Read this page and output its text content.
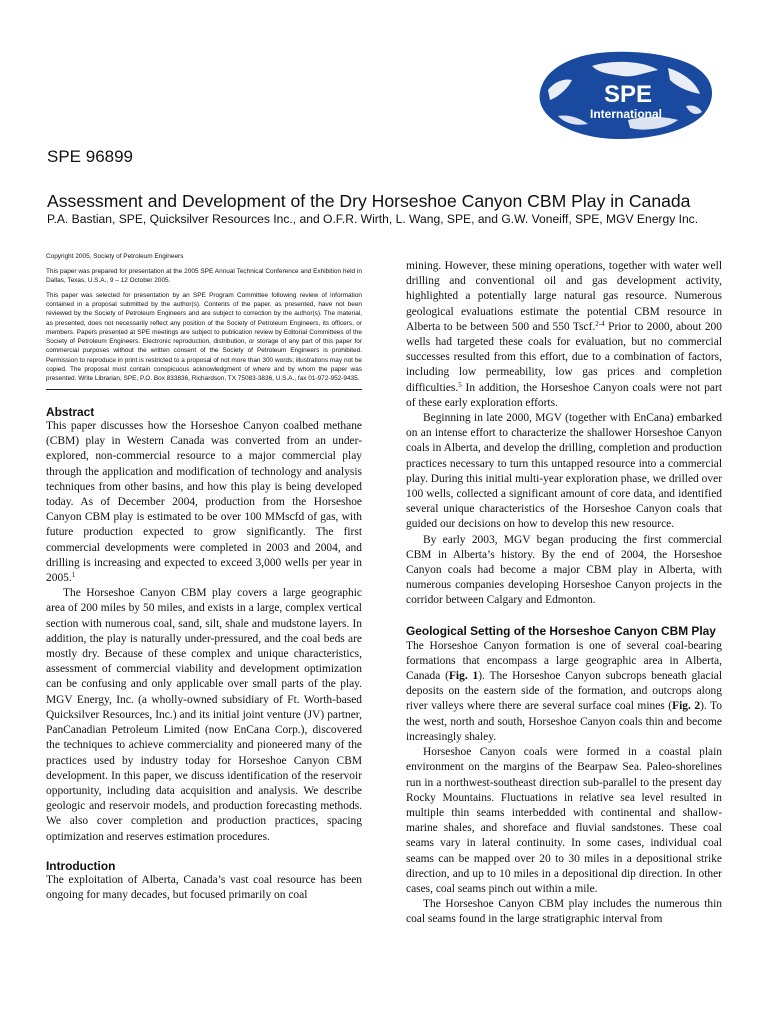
SPE
International
SPE 96899
Assessment and Development of the Dry Horseshoe Canyon CBM Play in Canada
P.A. Bastian, SPE, Quicksilver Resources Inc., and O.F.R. Wirth, L. Wang, SPE, and G.W. Voneiff, SPE, MGV Energy Inc.

Copyright 2005, Society of Petroleum Engineers

This paper was prepared for presentation at the 2005 SPE Annual Technical Conference and Exhibition held in Dallas, Texas, U.S.A., 9 – 12 October 2005.

This paper was selected for presentation by an SPE Program Committee following review of information contained in a proposal submitted by the author(s). Contents of the paper, as presented, have not been reviewed by the Society of Petroleum Engineers and are subject to correction by the author(s). The material, as presented, does not necessarily reflect any position of the Society of Petroleum Engineers, its officers, or members. Papers presented at SPE meetings are subject to publication review by Editorial Committees of the Society of Petroleum Engineers. Electronic reproduction, distribution, or storage of any part of this paper for commercial purposes without the written consent of the Society of Petroleum Engineers is prohibited. Permission to reproduce in print is restricted to a proposal of not more than 300 words; illustrations may not be copied. The proposal must contain conspicuous acknowledgment of where and by whom the paper was presented. Write Librarian, SPE, P.O. Box 833836, Richardson, TX 75083-3836, U.S.A., fax 01-972-952-9435.

Abstract

This paper discusses how the Horseshoe Canyon coalbed methane (CBM) play in Western Canada was converted from an under-explored, non-commercial resource to a major commercial play through the application and modification of technology and analysis techniques from other basins, and how this play is being developed today. As of December 2004, production from the Horseshoe Canyon CBM play is estimated to be over 100 MMscfd of gas, with future production expected to grow significantly. The first commercial developments were completed in 2003 and 2004, and drilling is increasing and expected to exceed 3,000 wells per year in 2005.$^1$

The Horseshoe Canyon CBM play covers a large geographic area of 200 miles by 50 miles, and exists in a large, complex vertical section with numerous coal, sand, silt, shale and mudstone layers. In addition, the play is naturally under-pressured, and the coal beds are mostly dry. Because of these complex and unique characteristics, assessment of commercial viability and development optimization can be confusing and only applicable over small parts of the play. MGV Energy, Inc. (a wholly-owned subsidiary of Ft. Worth-based Quicksilver Resources, Inc.) and its initial joint venture (JV) partner, PanCanadian Petroleum Limited (now EnCana Corp.), discovered the techniques to achieve commerciality and pioneered many of the practices used by industry today for Horseshoe Canyon CBM development. In this paper, we discuss identification of the reservoir opportunity, including data acquisition and analysis. We describe geologic and reservoir models, and production forecasting methods. We also cover completion and production practices, spacing optimization and reserves estimation procedures.

Introduction

The exploitation of Alberta, Canada’s vast coal resource has been ongoing for many decades, but focused primarily on coal

mining. However, these mining operations, together with water well drilling and conventional oil and gas development activity, highlighted a potentially large natural gas resource. Numerous geological evaluations estimate the potential CBM resource in Alberta to be between 500 and 550 Tscf.$^{2-4}$ Prior to 2000, about 200 wells had targeted these coals for evaluation, but no commercial successes resulted from this effort, due to a combination of factors, including low permeability, low gas prices and completion difficulties.$^5$ In addition, the Horseshoe Canyon coals were not part of these early exploration efforts.

Beginning in late 2000, MGV (together with EnCana) embarked on an intense effort to characterize the shallower Horseshoe Canyon coals in Alberta, and develop the drilling, completion and production practices necessary to turn this untapped resource into a commercial play. During this initial multi-year exploration phase, we drilled over 100 wells, collected a significant amount of core data, and identified several unique characteristics of the Horseshoe Canyon coals that guided our decisions on how to develop this new resource.

By early 2003, MGV began producing the first commercial CBM in Alberta’s history. By the end of 2004, the Horseshoe Canyon coals had become a major CBM play in Alberta, with numerous companies developing Horseshoe Canyon projects in the corridor between Calgary and Edmonton.

Geological Setting of the Horseshoe Canyon CBM Play

The Horseshoe Canyon formation is one of several coal-bearing formations that encompass a large geographic area in Alberta, Canada (Fig. 1). The Horseshoe Canyon subcrops beneath glacial deposits on the eastern side of the formation, and outcrops along river valleys where there are several surface coal mines (Fig. 2). To the west, north and south, Horseshoe Canyon coals thin and become increasingly shaley.

Horseshoe Canyon coals were formed in a coastal plain environment on the margins of the Bearpaw Sea. Paleo-shorelines run in a northwest-southeast direction sub-parallel to the present day Rocky Mountains. Fluctuations in relative sea level resulted in multiple thin seams interbedded with continental and shallow-marine shales, and shoreface and fluvial sandstones. These coal seams vary in lateral continuity. In some cases, individual coal seams can be mapped over 20 to 30 miles in a depositional strike direction, and up to 10 miles in a depositional dip direction. In other cases, coal seams pinch out within a mile.

The Horseshoe Canyon CBM play includes the numerous thin coal seams found in the large stratigraphic interval from
